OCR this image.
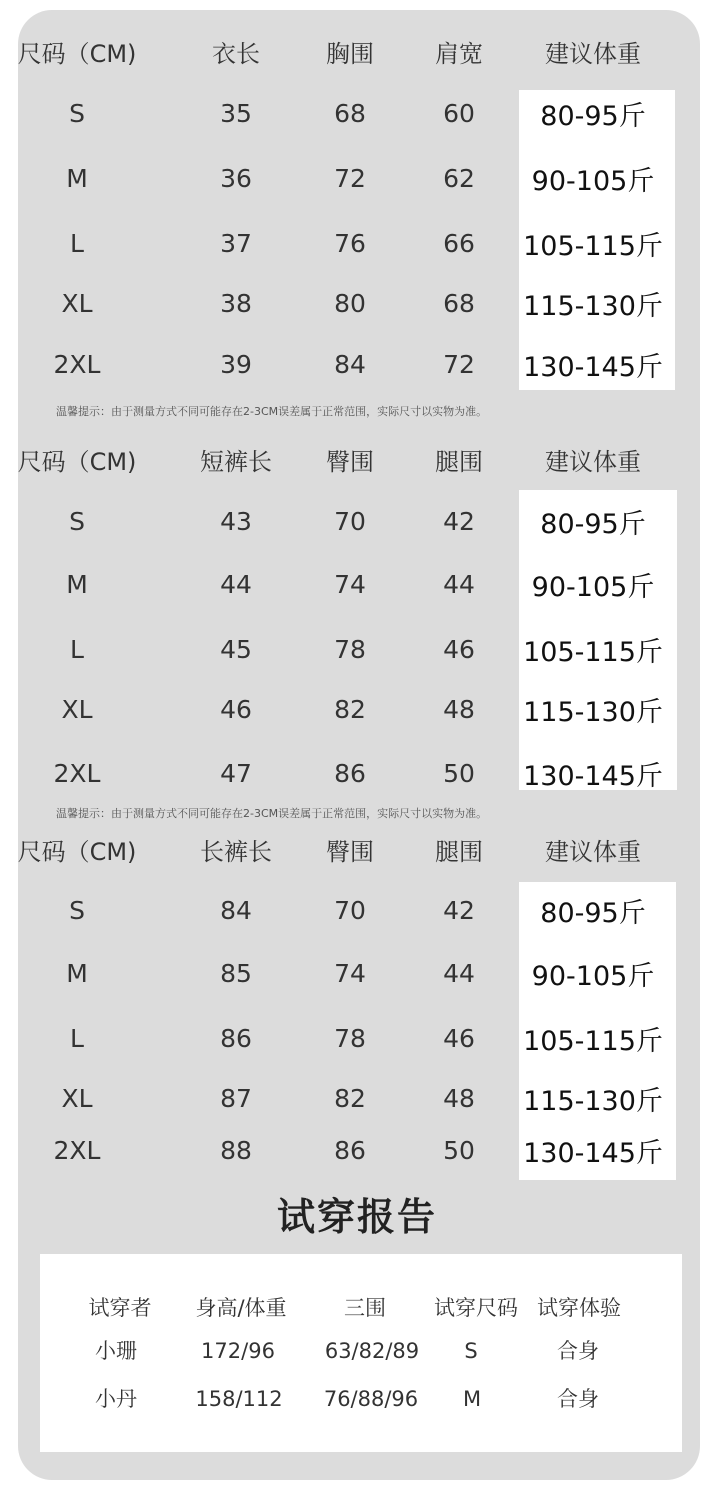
尺码（CM)	衣长	胸围	肩宽	建议体重
S	35	68	60 80-95斤
M	36	72	62 90-105斤
L	37	76	66 105-115斤
XL	38	80	68 115-130斤
2XL	39	84	72 130-145斤
尺码（CM)	短裤长 臀围	腿围	建议体重
S	43	70	42 80-95斤
M	44	74	44 90-105斤
L	45	78	46 105-115斤
XL	46	82	48 115-130斤
2XL	47	86	50 130-145斤
尺码（CM)	长裤长 臀围	腿围	建议体重
S	84	70	42 80-95斤
M	85	74	44 90-105斤
L	86	78	46 105-115斤
XL	87	82	48 115-130斤
2XL	88	86	50 130-145斤
温馨提示：由于测量方式不同可能存在2-3CM误差属于正常范围，实际尺寸以实物为准。
温馨提示：由于测量方式不同可能存在2-3CM误差属于正常范围，实际尺寸以实物为准。
试穿报告
试穿者 身高/体重	三围 试穿尺码 试穿体验
小珊	172/96 63/82/89 S	合身
小丹	158/112 76/88/96 M	合身
